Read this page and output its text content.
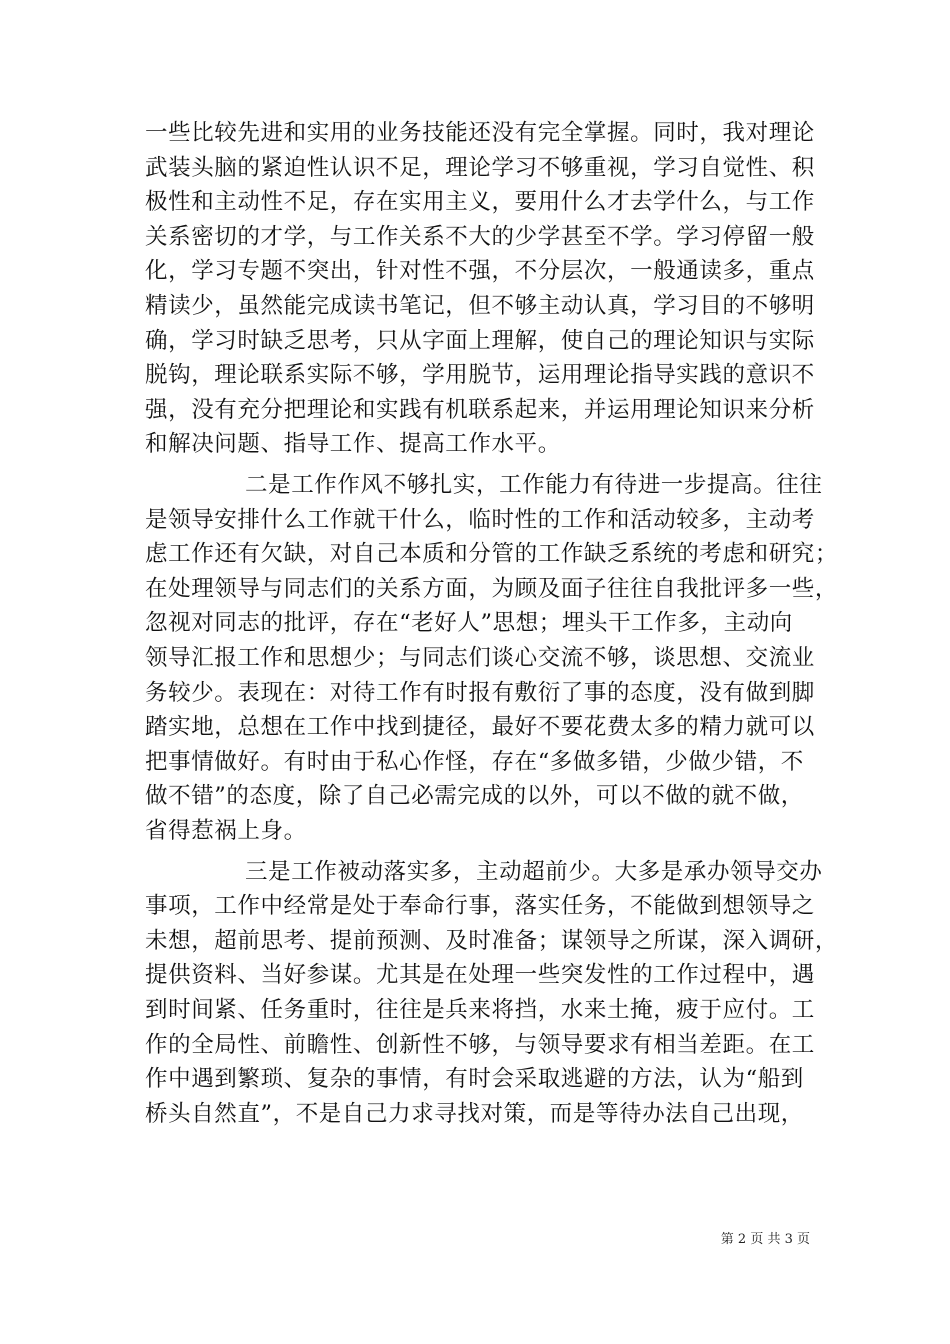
一些比较先进和实用的业务技能还没有完全掌握。同时，我对理论
武装头脑的紧迫性认识不足，理论学习不够重视，学习自觉性、积
极性和主动性不足，存在实用主义，要用什么才去学什么，与工作
关系密切的才学，与工作关系不大的少学甚至不学。学习停留一般
化，学习专题不突出，针对性不强，不分层次，一般通读多，重点
精读少，虽然能完成读书笔记，但不够主动认真，学习目的不够明
确，学习时缺乏思考，只从字面上理解，使自己的理论知识与实际
脱钩，理论联系实际不够，学用脱节，运用理论指导实践的意识不
强，没有充分把理论和实践有机联系起来，并运用理论知识来分析
和解决问题、指导工作、提高工作水平。
二是工作作风不够扎实，工作能力有待进一步提高。往往
是领导安排什么工作就干什么，临时性的工作和活动较多，主动考
虑工作还有欠缺，对自己本质和分管的工作缺乏系统的考虑和研究；
在处理领导与同志们的关系方面，为顾及面子往往自我批评多一些，
忽视对同志的批评，存在“老好人”思想；埋头干工作多，主动向
领导汇报工作和思想少；与同志们谈心交流不够，谈思想、交流业
务较少。表现在：对待工作有时报有敷衍了事的态度，没有做到脚
踏实地，总想在工作中找到捷径，最好不要花费太多的精力就可以
把事情做好。有时由于私心作怪，存在“多做多错，少做少错，不
做不错”的态度，除了自己必需完成的以外，可以不做的就不做，
省得惹祸上身。
三是工作被动落实多，主动超前少。大多是承办领导交办
事项，工作中经常是处于奉命行事，落实任务，不能做到想领导之
未想，超前思考、提前预测、及时准备；谋领导之所谋，深入调研，
提供资料、当好参谋。尤其是在处理一些突发性的工作过程中，遇
到时间紧、任务重时，往往是兵来将挡，水来土掩，疲于应付。工
作的全局性、前瞻性、创新性不够，与领导要求有相当差距。在工
作中遇到繁琐、复杂的事情，有时会采取逃避的方法，认为“船到
桥头自然直”，不是自己力求寻找对策，而是等待办法自己出现，
第 2 页 共 3 页
